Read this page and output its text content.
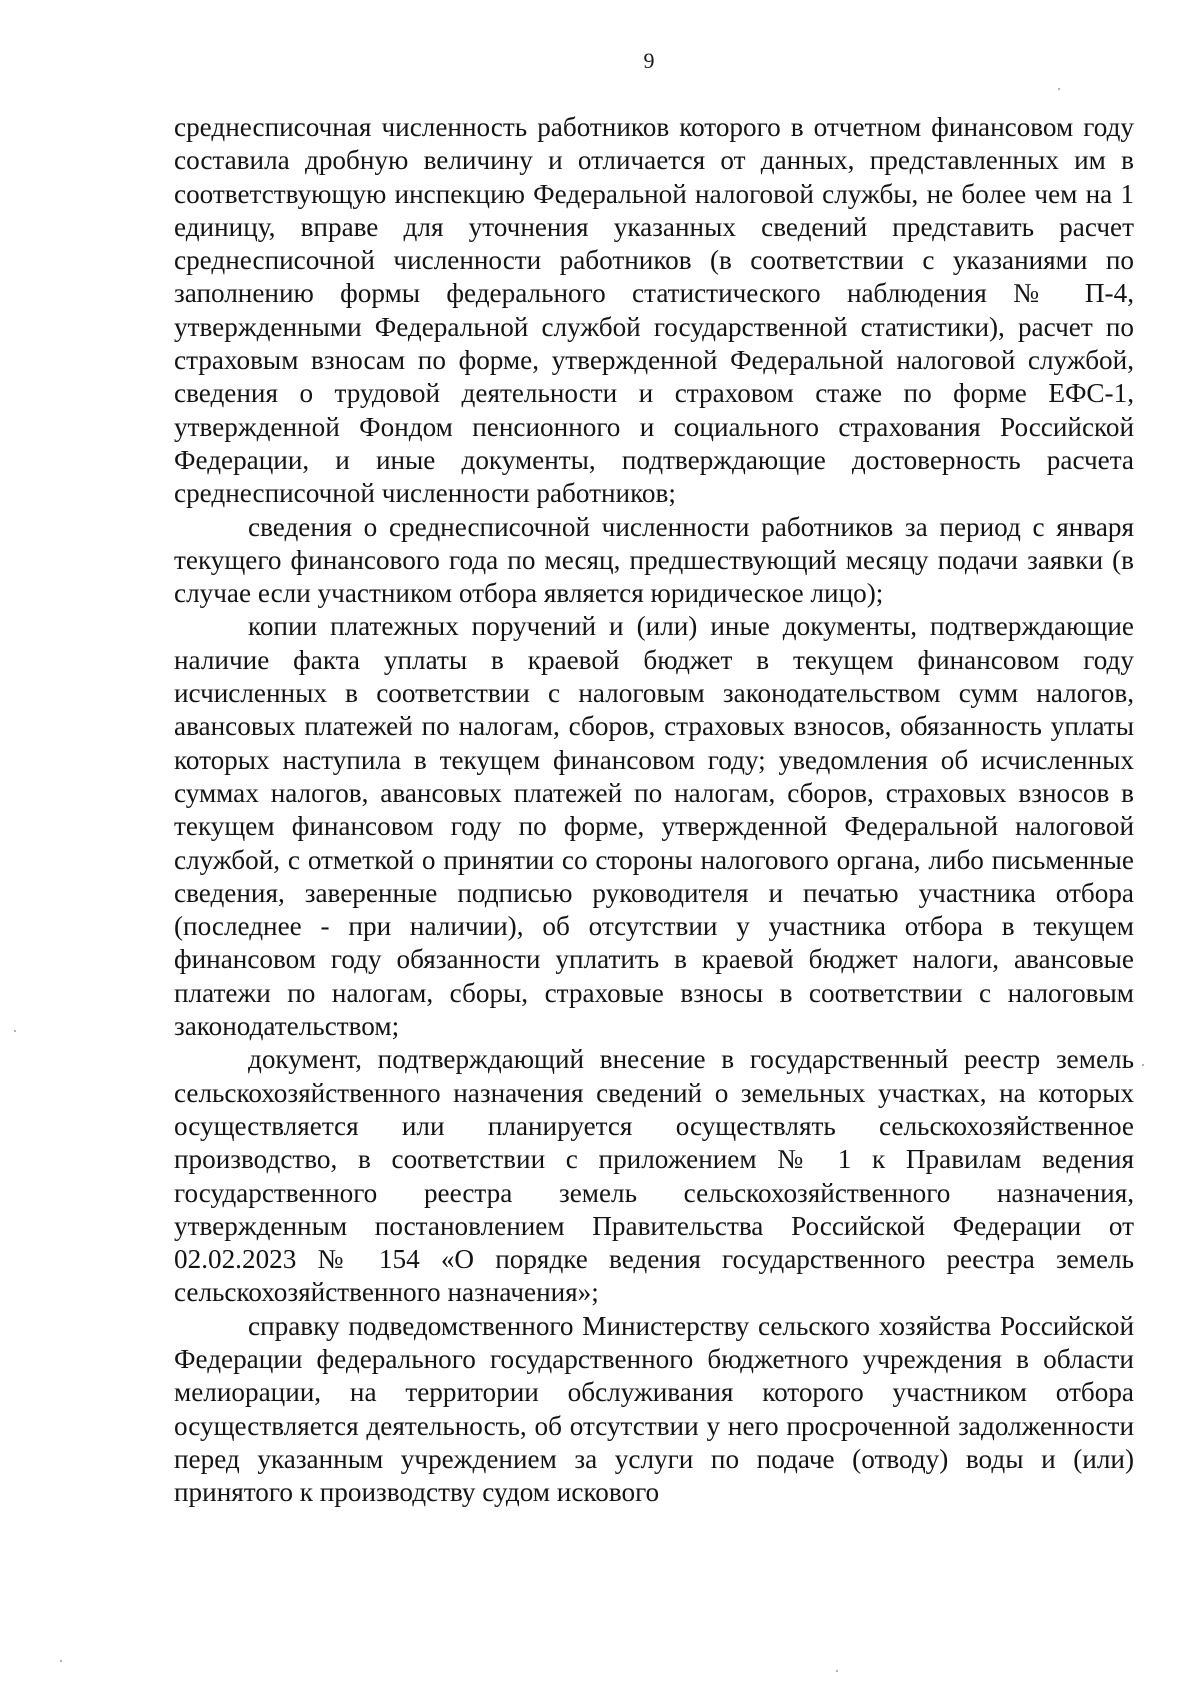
9

среднесписочная численность работников которого в отчетном финансовом году составила дробную величину и отличается от данных, представленных им в соответствующую инспекцию Федеральной налоговой службы, не более чем на 1 единицу, вправе для уточнения указанных сведений представить расчет среднесписочной численности работников (в соответствии с указаниями по заполнению формы федерального статистического наблюдения № П-4, утвержденными Федеральной службой государственной статистики), расчет по страховым взносам по форме, утвержденной Федеральной налоговой службой, сведения о трудовой деятельности и страховом стаже по форме ЕФС-1, утвержденной Фондом пенсионного и социального страхования Российской Федерации, и иные документы, подтверждающие достоверность расчета среднесписочной численности работников;

сведения о среднесписочной численности работников за период с января текущего финансового года по месяц, предшествующий месяцу подачи заявки (в случае если участником отбора является юридическое лицо);

копии платежных поручений и (или) иные документы, подтверждающие наличие факта уплаты в краевой бюджет в текущем финансовом году исчисленных в соответствии с налоговым законодательством сумм налогов, авансовых платежей по налогам, сборов, страховых взносов, обязанность уплаты которых наступила в текущем финансовом году; уведомления об исчисленных суммах налогов, авансовых платежей по налогам, сборов, страховых взносов в текущем финансовом году по форме, утвержденной Федеральной налоговой службой, с отметкой о принятии со стороны налогового органа, либо письменные сведения, заверенные подписью руководителя и печатью участника отбора (последнее - при наличии), об отсутствии у участника отбора в текущем финансовом году обязанности уплатить в краевой бюджет налоги, авансовые платежи по налогам, сборы, страховые взносы в соответствии с налоговым законодательством;

документ, подтверждающий внесение в государственный реестр земель сельскохозяйственного назначения сведений о земельных участках, на которых осуществляется или планируется осуществлять сельскохозяйственное производство, в соответствии с приложением № 1 к Правилам ведения государственного реестра земель сельскохозяйственного назначения, утвержденным постановлением Правительства Российской Федерации от 02.02.2023 № 154 «О порядке ведения государственного реестра земель сельскохозяйственного назначения»;

справку подведомственного Министерству сельского хозяйства Российской Федерации федерального государственного бюджетного учреждения в области мелиорации, на территории обслуживания которого участником отбора осуществляется деятельность, об отсутствии у него просроченной задолженности перед указанным учреждением за услуги по подаче (отводу) воды и (или) принятого к производству судом искового
